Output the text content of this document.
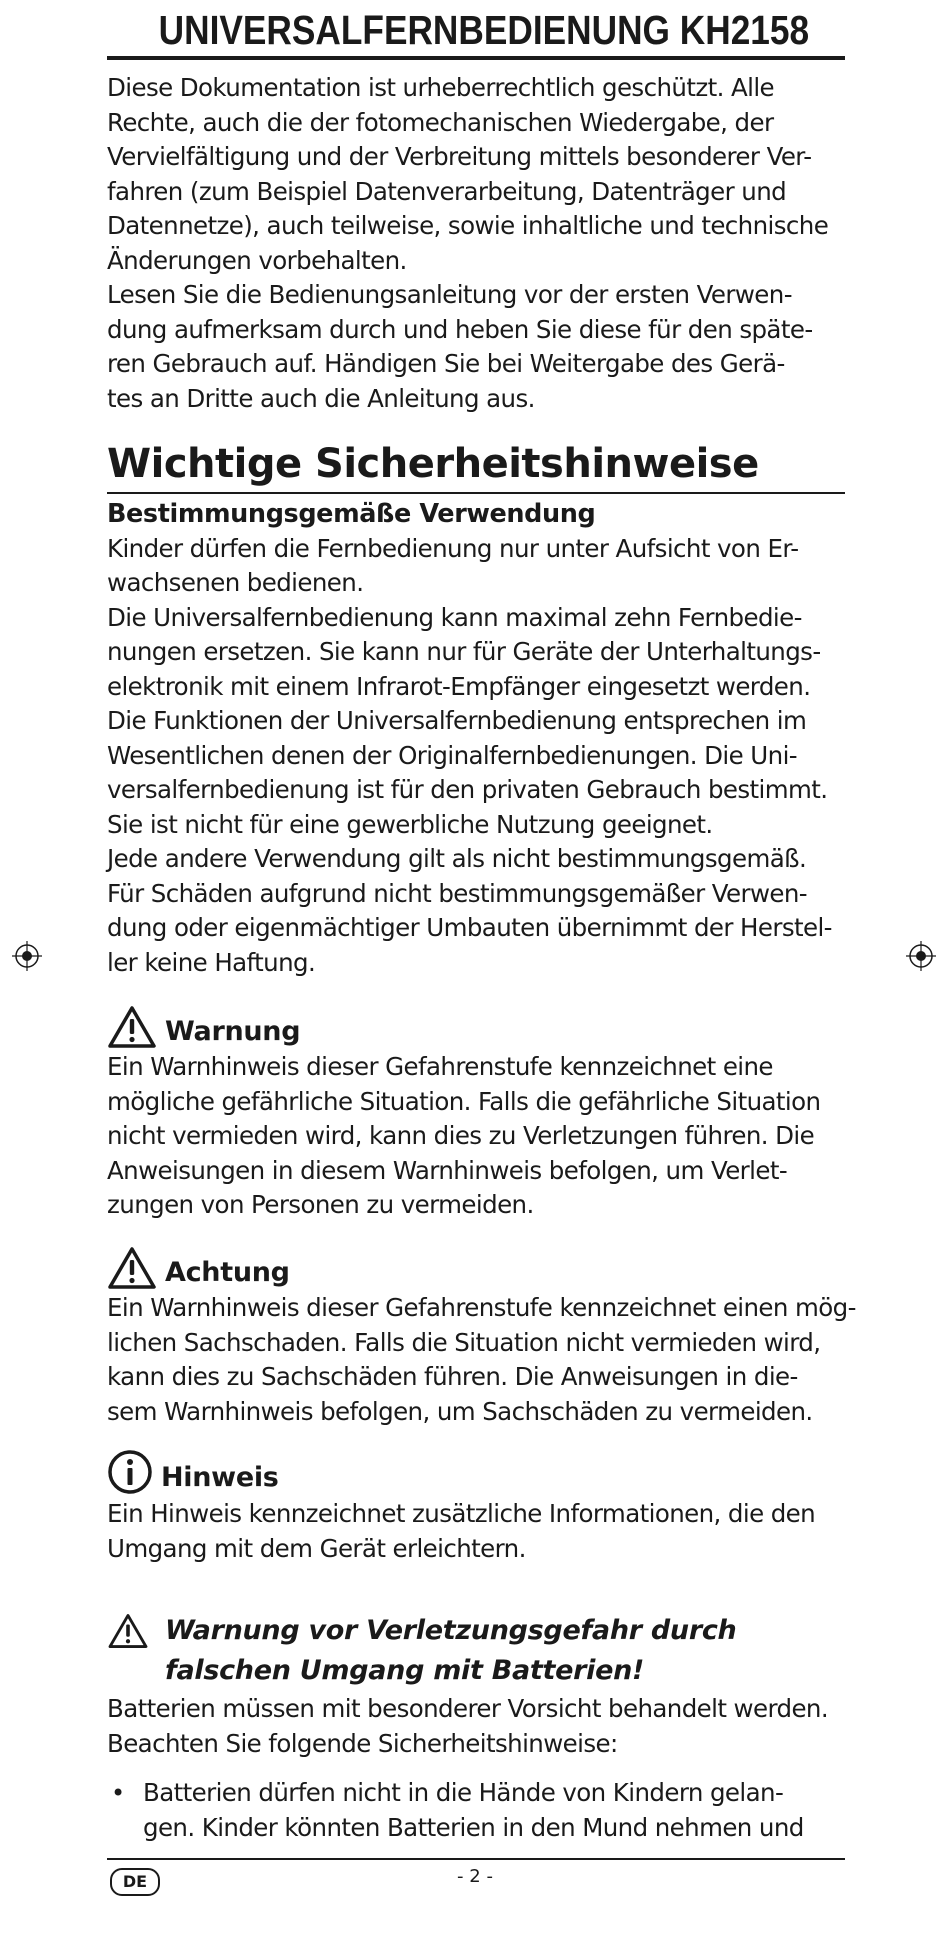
UNIVERSALFERNBEDIENUNG KH2158

Diese Dokumentation ist urheberrechtlich geschützt. Alle

Rechte, auch die der fotomechanischen Wiedergabe, der

Vervielfältigung und der Verbreitung mittels besonderer Ver-

fahren (zum Beispiel Datenverarbeitung, Datenträger und

Datennetze), auch teilweise, sowie inhaltliche und technische

Änderungen vorbehalten.

Lesen Sie die Bedienungsanleitung vor der ersten Verwen-

dung aufmerksam durch und heben Sie diese für den späte-

ren Gebrauch auf. Händigen Sie bei Weitergabe des Gerä-

tes an Dritte auch die Anleitung aus.

Wichtige Sicherheitshinweise

Bestimmungsgemäße Verwendung

Kinder dürfen die Fernbedienung nur unter Aufsicht von Er-

wachsenen bedienen.

Die Universalfernbedienung kann maximal zehn Fernbedie-

nungen ersetzen. Sie kann nur für Geräte der Unterhaltungs-

elektronik mit einem Infrarot-Empfänger eingesetzt werden.

Die Funktionen der Universalfernbedienung entsprechen im

Wesentlichen denen der Originalfernbedienungen. Die Uni-

versalfernbedienung ist für den privaten Gebrauch bestimmt.

Sie ist nicht für eine gewerbliche Nutzung geeignet.

Jede andere Verwendung gilt als nicht bestimmungsgemäß.

Für Schäden aufgrund nicht bestimmungsgemäßer Verwen-

dung oder eigenmächtiger Umbauten übernimmt der Herstel-

ler keine Haftung.

Warnung

Ein Warnhinweis dieser Gefahrenstufe kennzeichnet eine

mögliche gefährliche Situation. Falls die gefährliche Situation

nicht vermieden wird, kann dies zu Verletzungen führen. Die

Anweisungen in diesem Warnhinweis befolgen, um Verlet-

zungen von Personen zu vermeiden.

Achtung

Ein Warnhinweis dieser Gefahrenstufe kennzeichnet einen mög-

lichen Sachschaden. Falls die Situation nicht vermieden wird,

kann dies zu Sachschäden führen. Die Anweisungen in die-

sem Warnhinweis befolgen, um Sachschäden zu vermeiden.

Hinweis

Ein Hinweis kennzeichnet zusätzliche Informationen, die den

Umgang mit dem Gerät erleichtern.

Warnung vor Verletzungsgefahr durch
falschen Umgang mit Batterien!

Batterien müssen mit besonderer Vorsicht behandelt werden.

Beachten Sie folgende Sicherheitshinweise:

• Batterien dürfen nicht in die Hände von Kindern gelan-

gen. Kinder könnten Batterien in den Mund nehmen und

DE	- 2 -
